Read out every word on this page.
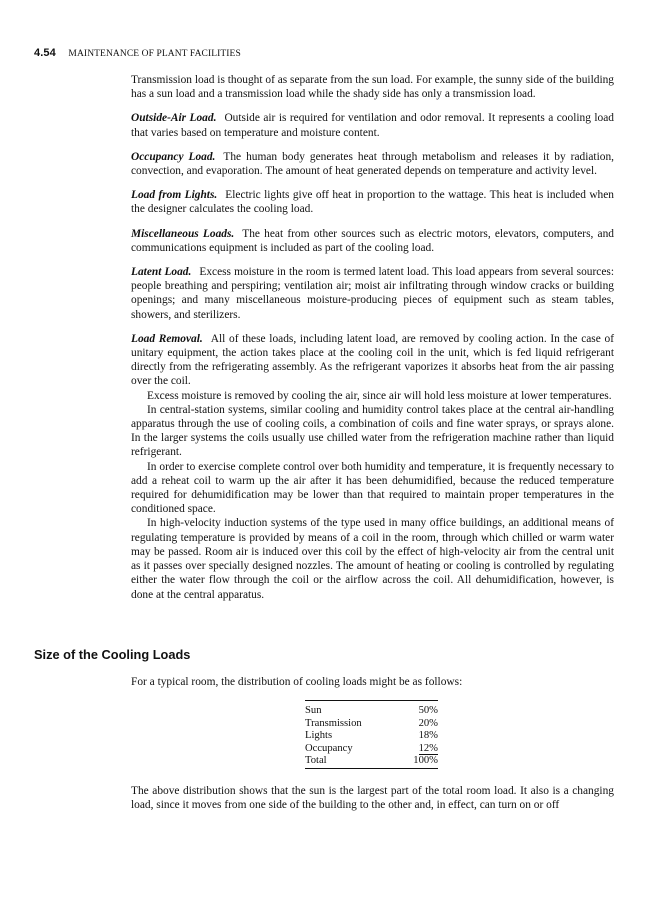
4.54 MAINTENANCE OF PLANT FACILITIES

Transmission load is thought of as separate from the sun load. For example, the sunny side of the building has a sun load and a transmission load while the shady side has only a transmission load.

Outside-Air Load. Outside air is required for ventilation and odor removal. It represents a cooling load that varies based on temperature and moisture content.

Occupancy Load. The human body generates heat through metabolism and releases it by radiation, convection, and evaporation. The amount of heat generated depends on temperature and activity level.

Load from Lights. Electric lights give off heat in proportion to the wattage. This heat is included when the designer calculates the cooling load.

Miscellaneous Loads. The heat from other sources such as electric motors, elevators, computers, and communications equipment is included as part of the cooling load.

Latent Load. Excess moisture in the room is termed latent load. This load appears from several sources: people breathing and perspiring; ventilation air; moist air infiltrating through window cracks or building openings; and many miscellaneous moisture-producing pieces of equipment such as steam tables, showers, and sterilizers.

Load Removal. All of these loads, including latent load, are removed by cooling action. In the case of unitary equipment, the action takes place at the cooling coil in the unit, which is fed liquid refrigerant directly from the refrigerating assembly. As the refrigerant vaporizes it absorbs heat from the air passing over the coil.

Excess moisture is removed by cooling the air, since air will hold less moisture at lower temperatures.

In central-station systems, similar cooling and humidity control takes place at the central air-handling apparatus through the use of cooling coils, a combination of coils and fine water sprays, or sprays alone. In the larger systems the coils usually use chilled water from the refrigeration machine rather than liquid refrigerant.

In order to exercise complete control over both humidity and temperature, it is frequently necessary to add a reheat coil to warm up the air after it has been dehumidified, because the reduced temperature required for dehumidification may be lower than that required to maintain proper temperatures in the conditioned space.

In high-velocity induction systems of the type used in many office buildings, an additional means of regulating temperature is provided by means of a coil in the room, through which chilled or warm water may be passed. Room air is induced over this coil by the effect of high-velocity air from the central unit as it passes over specially designed nozzles. The amount of heating or cooling is controlled by regulating either the water flow through the coil or the airflow across the coil. All dehumidification, however, is done at the central apparatus.

Size of the Cooling Loads
For a typical room, the distribution of cooling loads might be as follows:
Sun	50%
Transmission	20%
Lights	18%
Occupancy	12%
Total	100%
The above distribution shows that the sun is the largest part of the total room load. It also is a changing load, since it moves from one side of the building to the other and, in effect, can turn on or off
